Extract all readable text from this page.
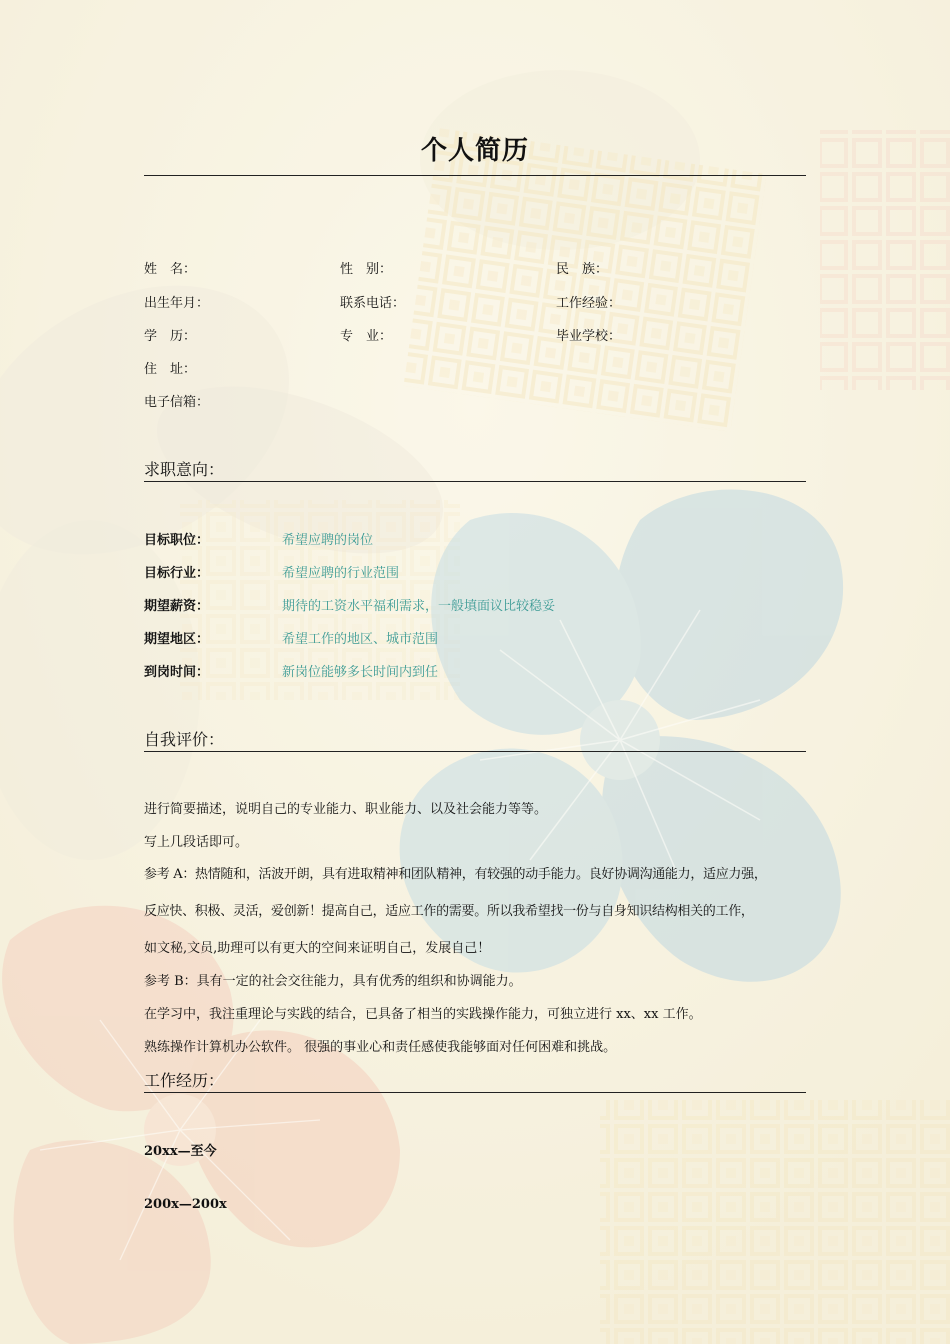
个人简历
姓　名：	性　别：	民　族：
出生年月：	联系电话：	工作经验：
学　历：	专　业：	毕业学校：
住　址：
电子信箱：
求职意向：
目标职位：	希望应聘的岗位
目标行业：	希望应聘的行业范围
期望薪资：	期待的工资水平福利需求，一般填面议比较稳妥
期望地区：	希望工作的地区、城市范围
到岗时间：	新岗位能够多长时间内到任
自我评价：
进行简要描述，说明自己的专业能力、职业能力、以及社会能力等等。
写上几段话即可。
参考 A：热情随和，活波开朗，具有进取精神和团队精神，有较强的动手能力。良好协调沟通能力，适应力强，
反应快、积极、灵活，爱创新！提高自己，适应工作的需要。所以我希望找一份与自身知识结构相关的工作，
如文秘,文员,助理可以有更大的空间来证明自己，发展自己！
参考 B：具有一定的社会交往能力，具有优秀的组织和协调能力。
在学习中，我注重理论与实践的结合，已具备了相当的实践操作能力，可独立进行 xx、xx 工作。
熟练操作计算机办公软件。 很强的事业心和责任感使我能够面对任何困难和挑战。
工作经历：
20xx—至今
200x—200x
